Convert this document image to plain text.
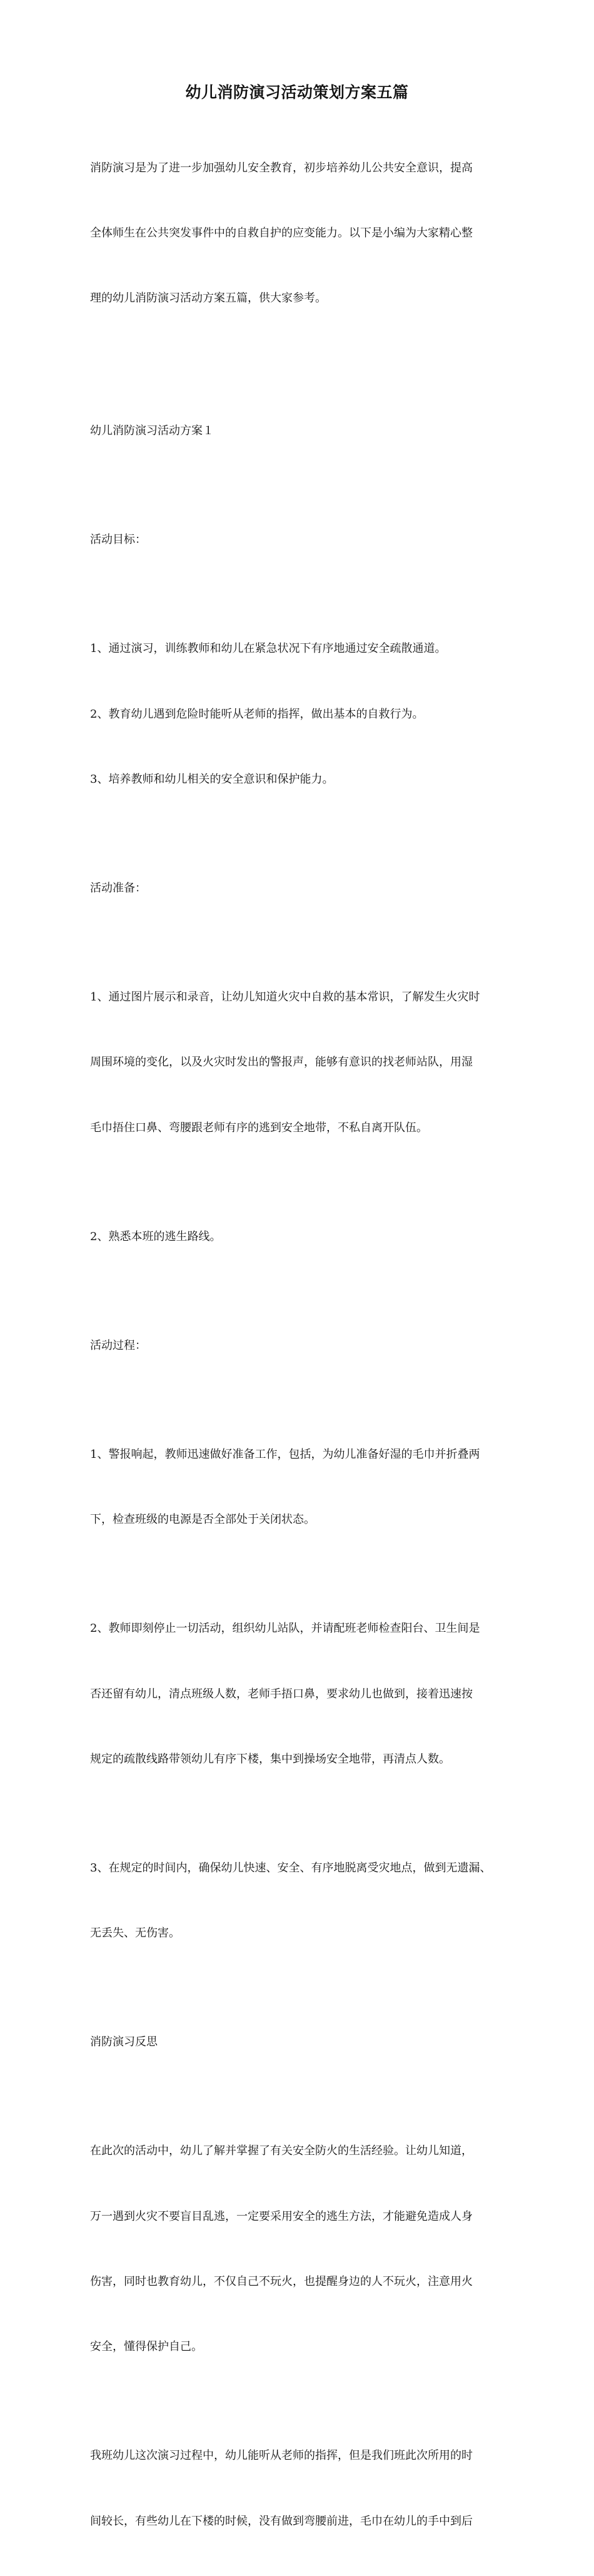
幼儿消防演习活动策划方案五篇

消防演习是为了进一步加强幼儿安全教育，初步培养幼儿公共安全意识，提高

全体师生在公共突发事件中的自救自护的应变能力。以下是小编为大家精心整

理的幼儿消防演习活动方案五篇，供大家参考。

幼儿消防演习活动方案１

活动目标：

1、通过演习，训练教师和幼儿在紧急状况下有序地通过安全疏散通道。

2、教育幼儿遇到危险时能听从老师的指挥，做出基本的自救行为。

3、培养教师和幼儿相关的安全意识和保护能力。

活动准备：

1、通过图片展示和录音，让幼儿知道火灾中自救的基本常识，了解发生火灾时

周围环境的变化，以及火灾时发出的警报声，能够有意识的找老师站队，用湿

毛巾捂住口鼻、弯腰跟老师有序的逃到安全地带，不私自离开队伍。

2、熟悉本班的逃生路线。

活动过程：

1、警报响起，教师迅速做好准备工作，包括，为幼儿准备好湿的毛巾并折叠两

下，检查班级的电源是否全部处于关闭状态。

2、教师即刻停止一切活动，组织幼儿站队，并请配班老师检查阳台、卫生间是

否还留有幼儿，清点班级人数，老师手捂口鼻，要求幼儿也做到，接着迅速按

规定的疏散线路带领幼儿有序下楼，集中到操场安全地带，再清点人数。

3、在规定的时间内，确保幼儿快速、安全、有序地脱离受灾地点，做到无遗漏、

无丢失、无伤害。

消防演习反思

在此次的活动中，幼儿了解并掌握了有关安全防火的生活经验。让幼儿知道，

万一遇到火灾不要盲目乱逃，一定要采用安全的逃生方法，才能避免造成人身

伤害，同时也教育幼儿，不仅自己不玩火，也提醒身边的人不玩火，注意用火

安全，懂得保护自己。

我班幼儿这次演习过程中，幼儿能听从老师的指挥，但是我们班此次所用的时

间较长，有些幼儿在下楼的时候，没有做到弯腰前进，毛巾在幼儿的手中到后
